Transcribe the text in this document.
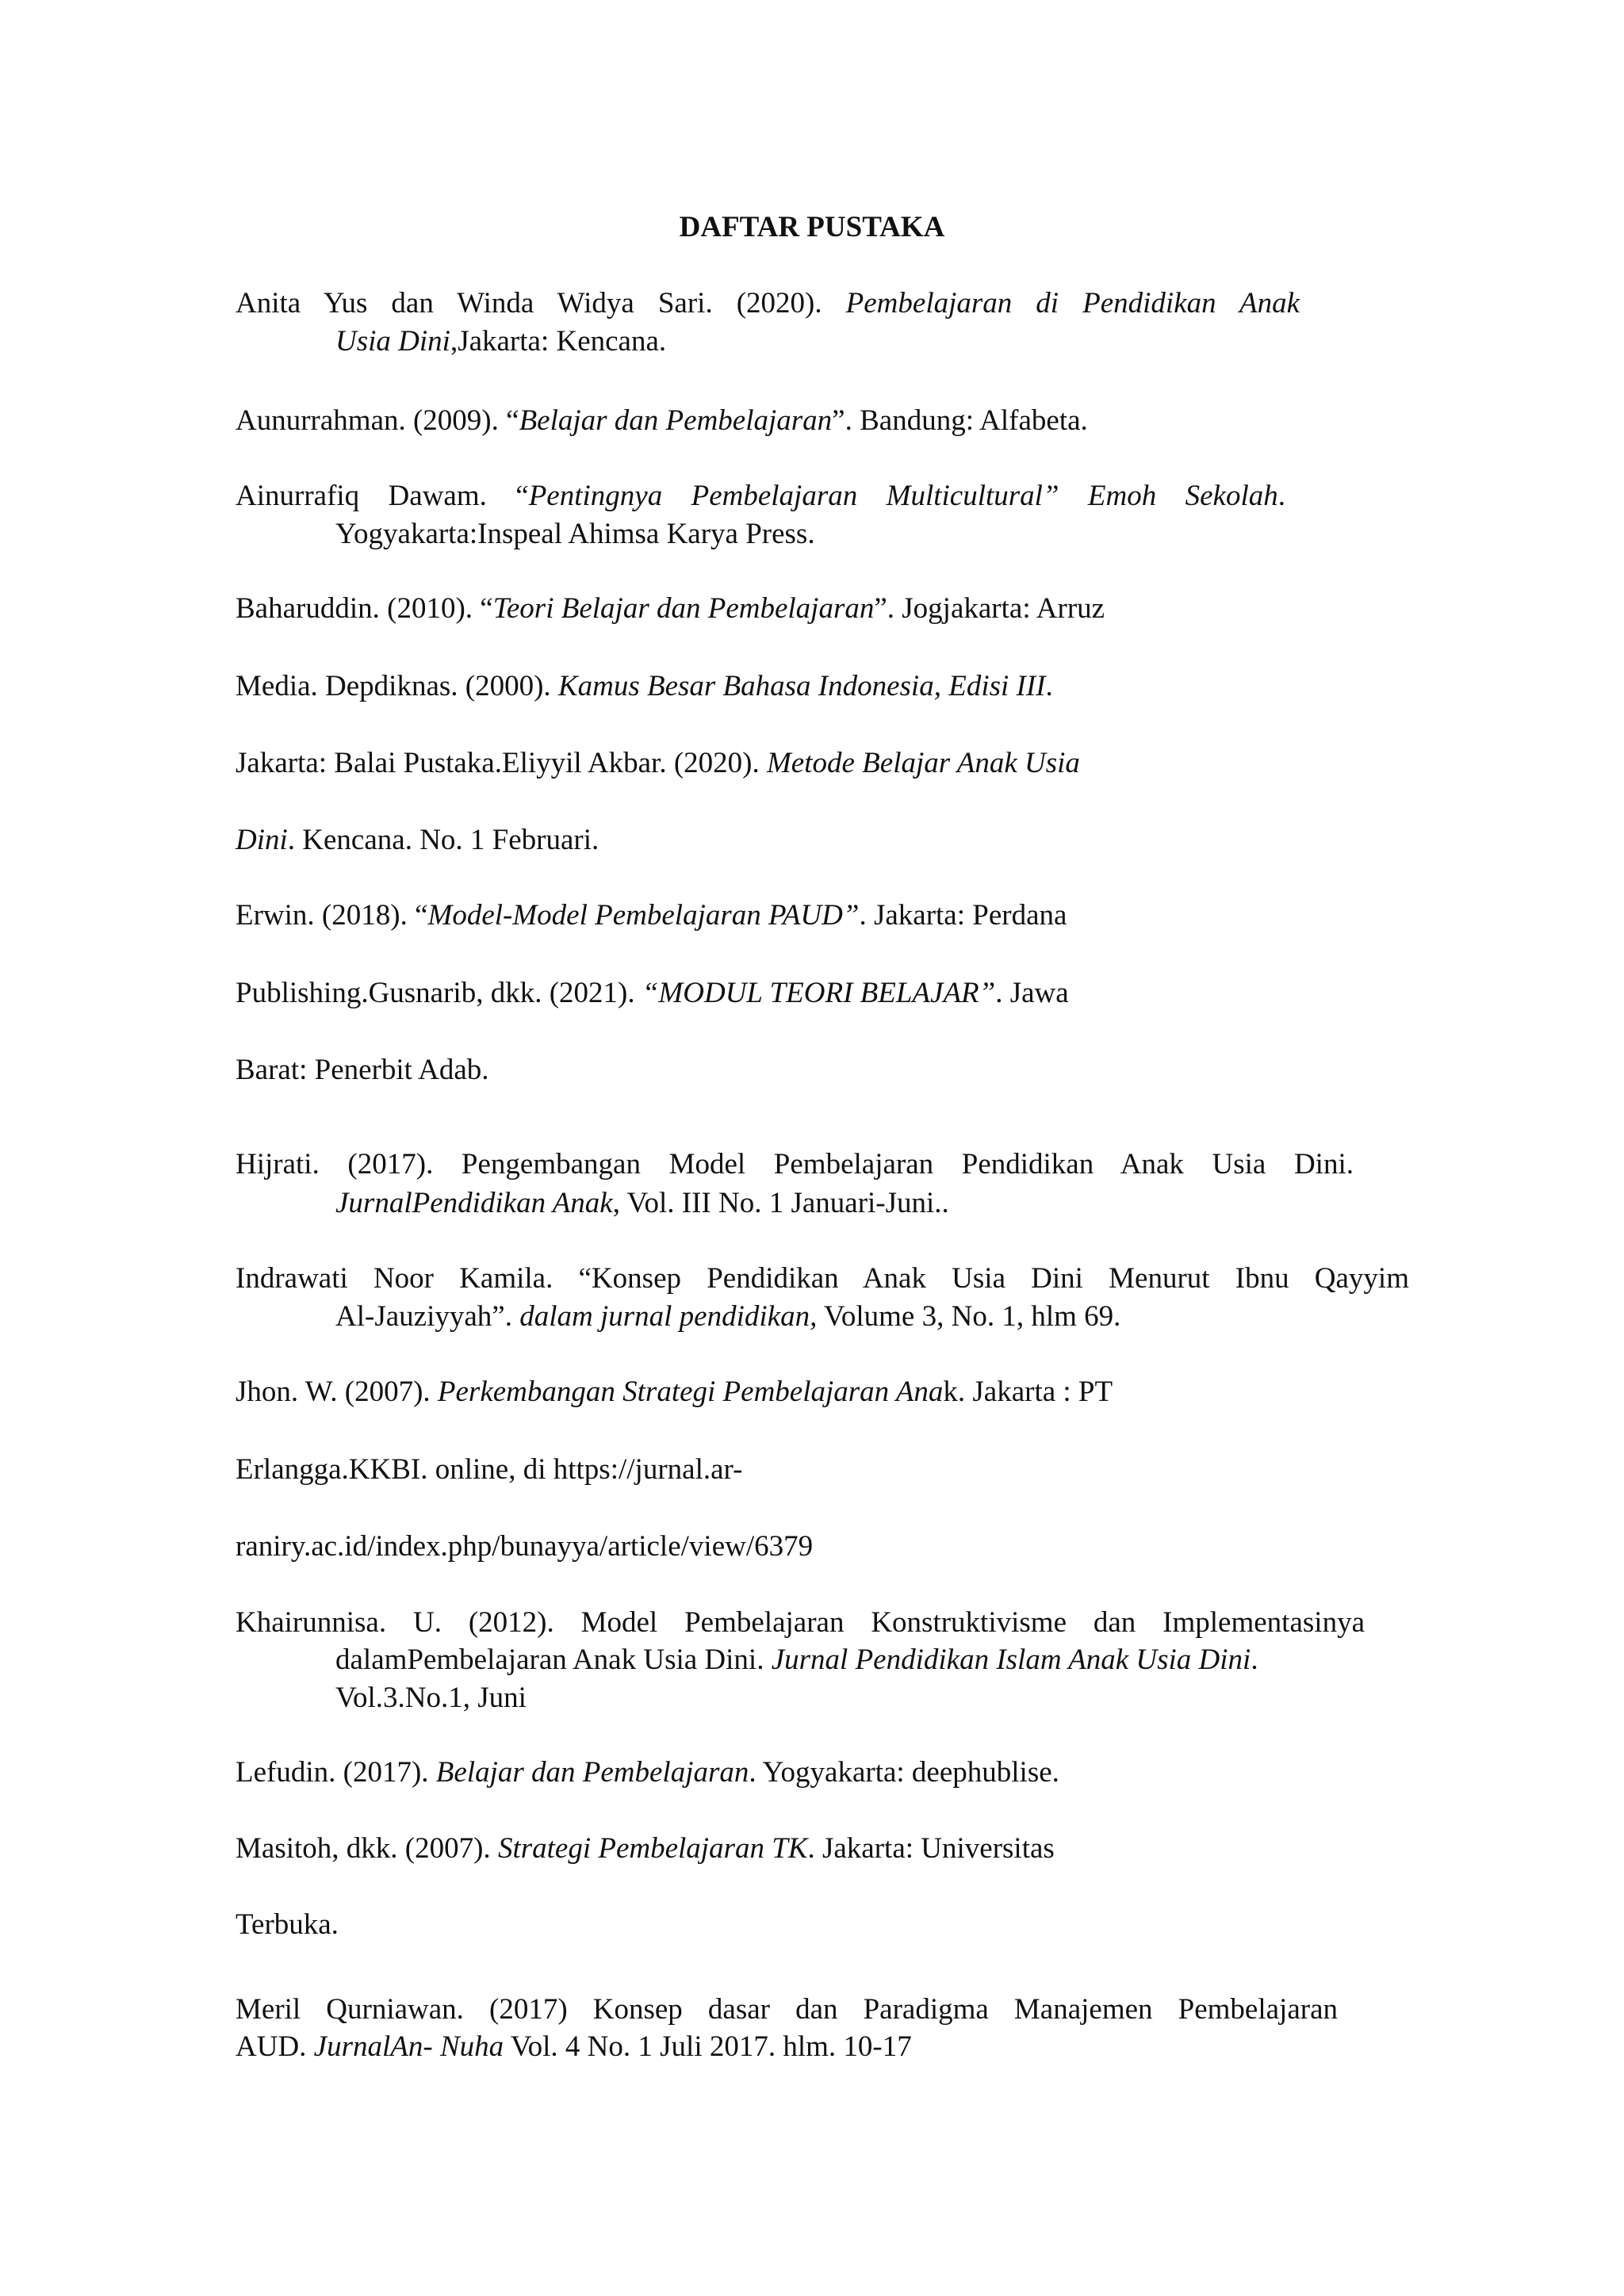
DAFTAR PUSTAKA
Anita Yus dan Winda Widya Sari. (2020). Pembelajaran di Pendidikan Anak
Usia Dini,Jakarta: Kencana.
Aunurrahman. (2009). “Belajar dan Pembelajaran”. Bandung: Alfabeta.
Ainurrafiq Dawam. “Pentingnya Pembelajaran Multicultural” Emoh Sekolah.
Yogyakarta:Inspeal Ahimsa Karya Press.
Baharuddin. (2010). “Teori Belajar dan Pembelajaran”. Jogjakarta: Arruz
Media. Depdiknas. (2000). Kamus Besar Bahasa Indonesia, Edisi III.
Jakarta: Balai Pustaka.Eliyyil Akbar. (2020). Metode Belajar Anak Usia
Dini. Kencana. No. 1 Februari.
Erwin. (2018). “Model-Model Pembelajaran PAUD”. Jakarta: Perdana
Publishing.Gusnarib, dkk. (2021). “MODUL TEORI BELAJAR”. Jawa
Barat: Penerbit Adab.
Hijrati. (2017). Pengembangan Model Pembelajaran Pendidikan Anak Usia Dini.
JurnalPendidikan Anak, Vol. III No. 1 Januari-Juni..
Indrawati Noor Kamila. “Konsep Pendidikan Anak Usia Dini Menurut Ibnu Qayyim
Al-Jauziyyah”. dalam jurnal pendidikan, Volume 3, No. 1, hlm 69.
Jhon. W. (2007). Perkembangan Strategi Pembelajaran Anak. Jakarta : PT
Erlangga.KKBI. online, di https://jurnal.ar-
raniry.ac.id/index.php/bunayya/article/view/6379
Khairunnisa. U. (2012). Model Pembelajaran Konstruktivisme dan Implementasinya
dalamPembelajaran Anak Usia Dini. Jurnal Pendidikan Islam Anak Usia Dini.
Vol.3.No.1, Juni
Lefudin. (2017). Belajar dan Pembelajaran. Yogyakarta: deephublise.
Masitoh, dkk. (2007). Strategi Pembelajaran TK. Jakarta: Universitas
Terbuka.
Meril Qurniawan. (2017) Konsep dasar dan Paradigma Manajemen Pembelajaran
AUD. JurnalAn- Nuha Vol. 4 No. 1 Juli 2017. hlm. 10-17
